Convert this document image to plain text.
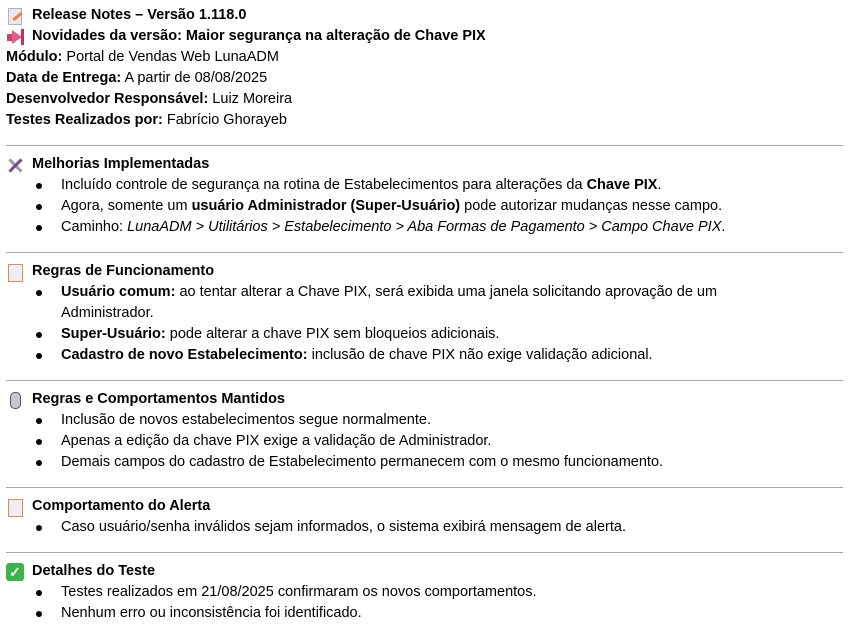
Release Notes – Versão 1.118.0
Novidades da versão: Maior segurança na alteração de Chave PIX
Módulo: Portal de Vendas Web LunaADM
Data de Entrega: A partir de 08/08/2025
Desenvolvedor Responsável: Luiz Moreira
Testes Realizados por: Fabrício Ghorayeb
Melhorias Implementadas
Incluído controle de segurança na rotina de Estabelecimentos para alterações da Chave PIX.
Agora, somente um usuário Administrador (Super-Usuário) pode autorizar mudanças nesse campo.
Caminho: LunaADM > Utilitários > Estabelecimento > Aba Formas de Pagamento > Campo Chave PIX.
Regras de Funcionamento
Usuário comum: ao tentar alterar a Chave PIX, será exibida uma janela solicitando aprovação de um Administrador.
Super-Usuário: pode alterar a chave PIX sem bloqueios adicionais.
Cadastro de novo Estabelecimento: inclusão de chave PIX não exige validação adicional.
Regras e Comportamentos Mantidos
Inclusão de novos estabelecimentos segue normalmente.
Apenas a edição da chave PIX exige a validação de Administrador.
Demais campos do cadastro de Estabelecimento permanecem com o mesmo funcionamento.
Comportamento do Alerta
Caso usuário/senha inválidos sejam informados, o sistema exibirá mensagem de alerta.
✓ Detalhes do Teste
Testes realizados em 21/08/2025 confirmaram os novos comportamentos.
Nenhum erro ou inconsistência foi identificado.
